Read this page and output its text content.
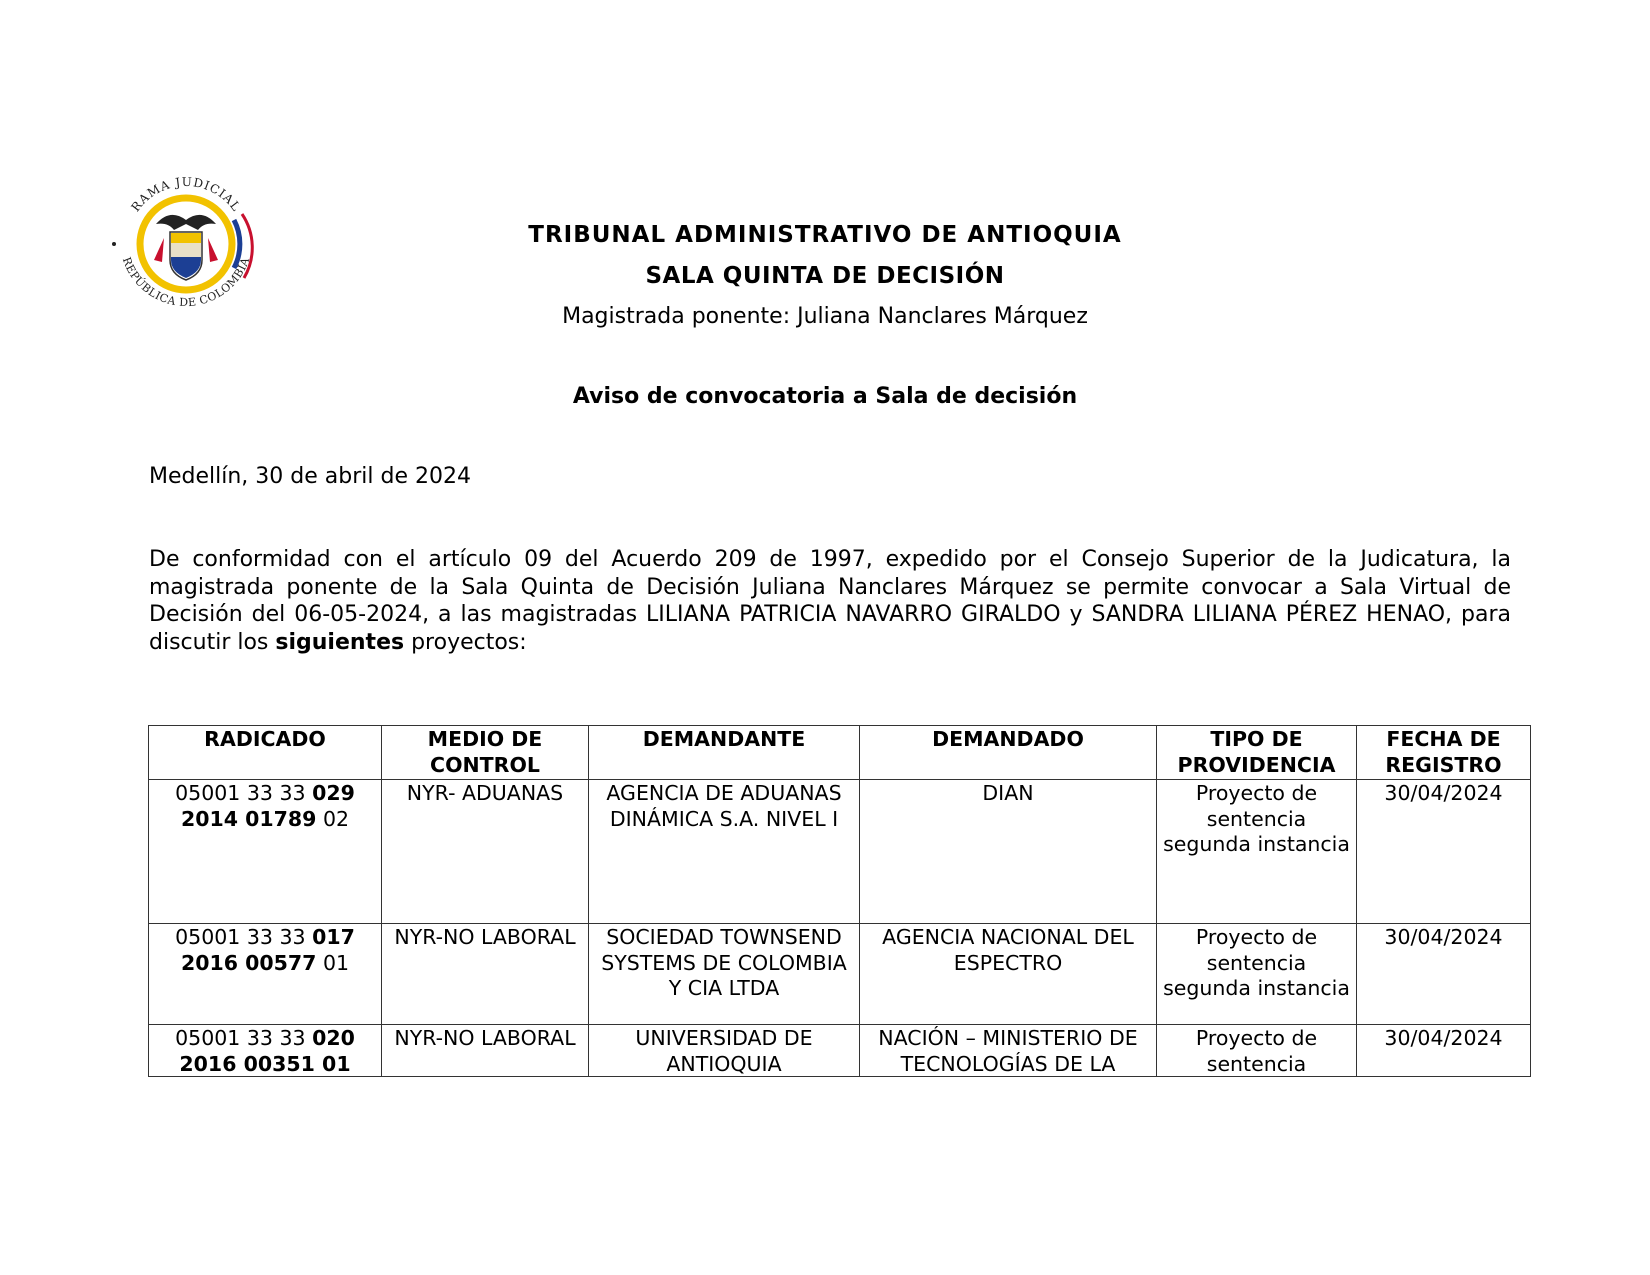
RAMA JUDICIAL
REPÚBLICA DE COLOMBIA

TRIBUNAL ADMINISTRATIVO DE ANTIOQUIA

SALA QUINTA DE DECISIÓN

Magistrada ponente: Juliana Nanclares Márquez

Aviso de convocatoria a Sala de decisión

Medellín, 30 de abril de 2024

De conformidad con el artículo 09 del Acuerdo 209 de 1997, expedido por el Consejo Superior de la Judicatura, la magistrada ponente de la Sala Quinta de Decisión Juliana Nanclares Márquez se permite convocar a Sala Virtual de Decisión del 06-05-2024, a las magistradas LILIANA PATRICIA NAVARRO GIRALDO y SANDRA LILIANA PÉREZ HENAO, para discutir los siguientes proyectos:

RADICADO	MEDIO DE CONTROL	DEMANDANTE	DEMANDADO	TIPO DE PROVIDENCIA	FECHA DE REGISTRO
05001 33 33 029 2014 01789 02	NYR- ADUANAS	AGENCIA DE ADUANAS DINÁMICA S.A. NIVEL I	DIAN	Proyecto de sentencia segunda instancia	30/04/2024
05001 33 33 017 2016 00577 01	NYR-NO LABORAL	SOCIEDAD TOWNSEND SYSTEMS DE COLOMBIA Y CIA LTDA	AGENCIA NACIONAL DEL ESPECTRO	Proyecto de sentencia segunda instancia	30/04/2024

05001 33 33 020 2016 00351 01	NYR-NO LABORAL	UNIVERSIDAD DE ANTIOQUIA	NACIÓN – MINISTERIO DE TECNOLOGÍAS DE LA	Proyecto de sentencia	30/04/2024
